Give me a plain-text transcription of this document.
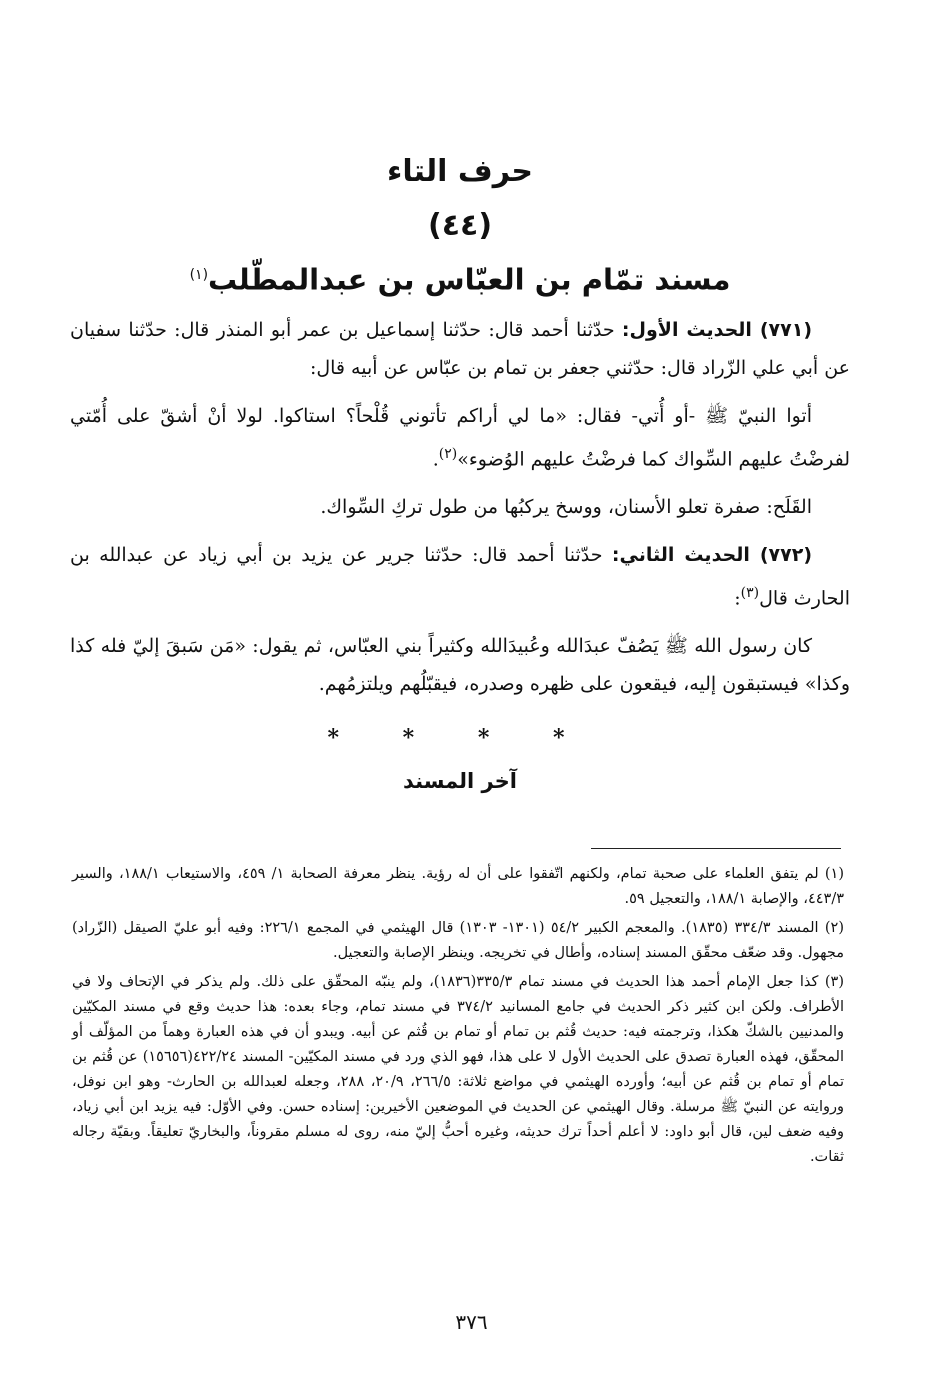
حرف التاء
(٤٤)
مسند تمّام بن العبّاس بن عبدالمطّلب$^{(١)}$

(٧٧١) الحديث الأول: حدّثنا أحمد قال: حدّثنا إسماعيل بن عمر أبو المنذر قال: حدّثنا سفيان عن أبي علي الزّراد قال: حدّثني جعفر بن تمام بن عبّاس عن أبيه قال:

أتوا النبيّ ﷺ -أو أُتي- فقال: «ما لي أراكم تأتوني قُلْحاً؟ استاكوا. لولا أنْ أشقّ على أُمّتي لفرضْتُ عليهم السِّواك كما فرضْتُ عليهم الوُضوء»$^{(٢)}$.

القَلَح: صفرة تعلو الأسنان، ووسخ يركبُها من طول تركِ السِّواك.

(٧٧٢) الحديث الثاني: حدّثنا أحمد قال: حدّثنا جرير عن يزيد بن أبي زياد عن عبدالله بن الحارث قال$^{(٣)}$:

كان رسول الله ﷺ يَصُفّ عبدَالله وعُبيدَالله وكثيراً بني العبّاس، ثم يقول: «مَن سَبقَ إليّ فله كذا وكذا» فيستبقون إليه، فيقعون على ظهره وصدره، فيقبّلُهم ويلتزمُهم.

* * * *
آخر المسند

(١) لم يتفق العلماء على صحبة تمام، ولكنهم اتّفقوا على أن له رؤية. ينظر معرفة الصحابة ١/ ٤٥٩، والاستيعاب ١٨٨/١، والسير ٤٤٣/٣، والإصابة ١٨٨/١، والتعجيل ٥٩.

(٢) المسند ٣٣٤/٣ (١٨٣٥). والمعجم الكبير ٥٤/٢ (١٣٠١- ١٣٠٣) قال الهيثمي في المجمع ٢٢٦/١: وفيه أبو عليّ الصيقل (الزّراد) مجهول. وقد ضعّف محقّق المسند إسناده، وأطال في تخريجه. وينظر الإصابة والتعجيل.

(٣) كذا جعل الإمام أحمد هذا الحديث في مسند تمام ٣٣٥/٣(١٨٣٦)، ولم ينبّه المحقّق على ذلك. ولم يذكر في الإتحاف ولا في الأطراف. ولكن ابن كثير ذكر الحديث في جامع المسانيد ٣٧٤/٢ في مسند تمام، وجاء بعده: هذا حديث وقع في مسند المكيّين والمدنيين بالشكّ هكذا، وترجمته فيه: حديث قُثم بن تمام أو تمام بن قُثم عن أبيه. ويبدو أن في هذه العبارة وهماً من المؤلّف أو المحقّق، فهذه العبارة تصدق على الحديث الأول لا على هذا، فهو الذي ورد في مسند المكيّين- المسند ٤٢٢/٢٤(١٥٦٥٦) عن قُثم بن تمام أو تمام بن قُثم عن أبيه؛ وأورده الهيثمي في مواضع ثلاثة: ٢٦٦/٥، ٢٠/٩، ٢٨٨، وجعله لعبدالله بن الحارث- وهو ابن نوفل، وروايته عن النبيّ ﷺ مرسلة. وقال الهيثمي عن الحديث في الموضعين الأخيرين: إسناده حسن. وفي الأوّل: فيه يزيد ابن أبي زياد، وفيه ضعف لين، قال أبو داود: لا أعلم أحداً ترك حديثه، وغيره أحبُّ إليّ منه، روى له مسلم مقروناً، والبخاريّ تعليقاً. وبقيّة رجاله ثقات.

٣٧٦
